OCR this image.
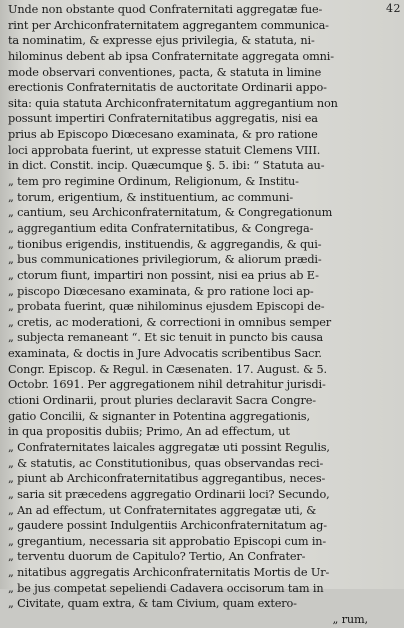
42
Unde non obstante quod Confraternitati aggregatæ fue-
rint per Archiconfraternitatem aggregantem communica-
ta nominatim, & expresse ejus privilegia, & statuta, ni-
hilominus debent ab ipsa Confraternitate aggregata omni-
mode observari conventiones, pacta, & statuta in limine
erectionis Confraternitatis de auctoritate Ordinarii appo-
sita: quia statuta Archiconfraternitatum aggregantium non
possunt impertiri Confraternitatibus aggregatis, nisi ea
prius ab Episcopo Diœcesano examinata, & pro ratione
loci approbata fuerint, ut expresse statuit Clemens VIII.
in dict. Constit. incip. Quæcumque §. 5. ibi: “ Statuta au-
„ tem pro regimine Ordinum, Religionum, & Institu-
„ torum, erigentium, & instituentium, ac communi-
„ cantium, seu Archiconfraternitatum, & Congregationum
„ aggregantium edita Confraternitatibus, & Congrega-
„ tionibus erigendis, instituendis, & aggregandis, & qui-
„ bus communicationes privilegiorum, & aliorum prædi-
„ ctorum fiunt, impartiri non possint, nisi ea prius ab E-
„ piscopo Diœcesano examinata, & pro ratione loci ap-
„ probata fuerint, quæ nihilominus ejusdem Episcopi de-
„ cretis, ac moderationi, & correctioni in omnibus semper
„ subjecta remaneant “. Et sic tenuit in puncto bis causa
examinata, & doctis in Jure Advocatis scribentibus Sacr.
Congr. Episcop. & Regul. in Cæsenaten. 17. August. & 5.
Octobr. 1691. Per aggregationem nihil detrahitur jurisdi-
ctioni Ordinarii, prout pluries declaravit Sacra Congre-
gatio Concilii, & signanter in Potentina aggregationis,
in qua propositis dubiis; Primo, An ad effectum, ut
„ Confraternitates laicales aggregatæ uti possint Regulis,
„ & statutis, ac Constitutionibus, quas observandas reci-
„ piunt ab Archiconfraternitatibus aggregantibus, neces-
„ saria sit præcedens aggregatio Ordinarii loci? Secundo,
„ An ad effectum, ut Confraternitates aggregatæ uti, &
„ gaudere possint Indulgentiis Archiconfraternitatum ag-
„ gregantium, necessaria sit approbatio Episcopi cum in-
„ terventu duorum de Capitulo? Tertio, An Confrater-
„ nitatibus aggregatis Archiconfraternitatis Mortis de Ur-
„ be jus competat sepeliendi Cadavera occisorum tam in
„ Civitate, quam extra, & tam Civium, quam extero-
„ rum,
